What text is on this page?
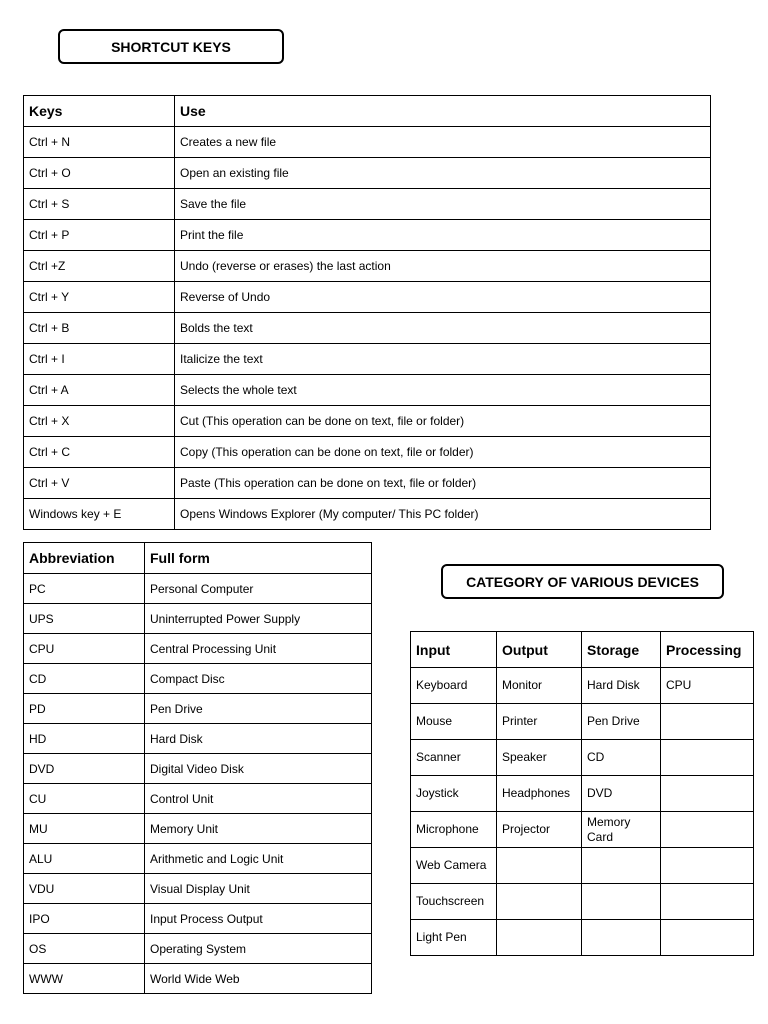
SHORTCUT KEYS
Keys	Use
Ctrl + N	Creates a new file
Ctrl + O	Open an existing file
Ctrl + S	Save the file
Ctrl + P	Print the file
Ctrl +Z	Undo (reverse or erases) the last action
Ctrl + Y	Reverse of Undo
Ctrl + B	Bolds the text
Ctrl + I	Italicize the text
Ctrl + A	Selects the whole text
Ctrl + X	Cut (This operation can be done on text, file or folder)
Ctrl + C	Copy (This operation can be done on text, file or folder)
Ctrl + V	Paste (This operation can be done on text, file or folder)
Windows key + E	Opens Windows Explorer (My computer/ This PC folder)
Abbreviation	Full form
PC	Personal Computer
UPS	Uninterrupted Power Supply
CPU	Central Processing Unit
CD	Compact Disc
PD	Pen Drive
HD	Hard Disk
DVD	Digital Video Disk
CU	Control Unit
MU	Memory Unit
ALU	Arithmetic and Logic Unit
VDU	Visual Display Unit
IPO	Input Process Output
OS	Operating System
WWW	World Wide Web
CATEGORY OF VARIOUS DEVICES
Input	Output	Storage	Processing
Keyboard	Monitor	Hard Disk	CPU
Mouse	Printer	Pen Drive	
Scanner	Speaker	CD	
Joystick	Headphones	DVD	
Microphone	Projector	Memory Card	
Web Camera			
Touchscreen			
Light Pen			
